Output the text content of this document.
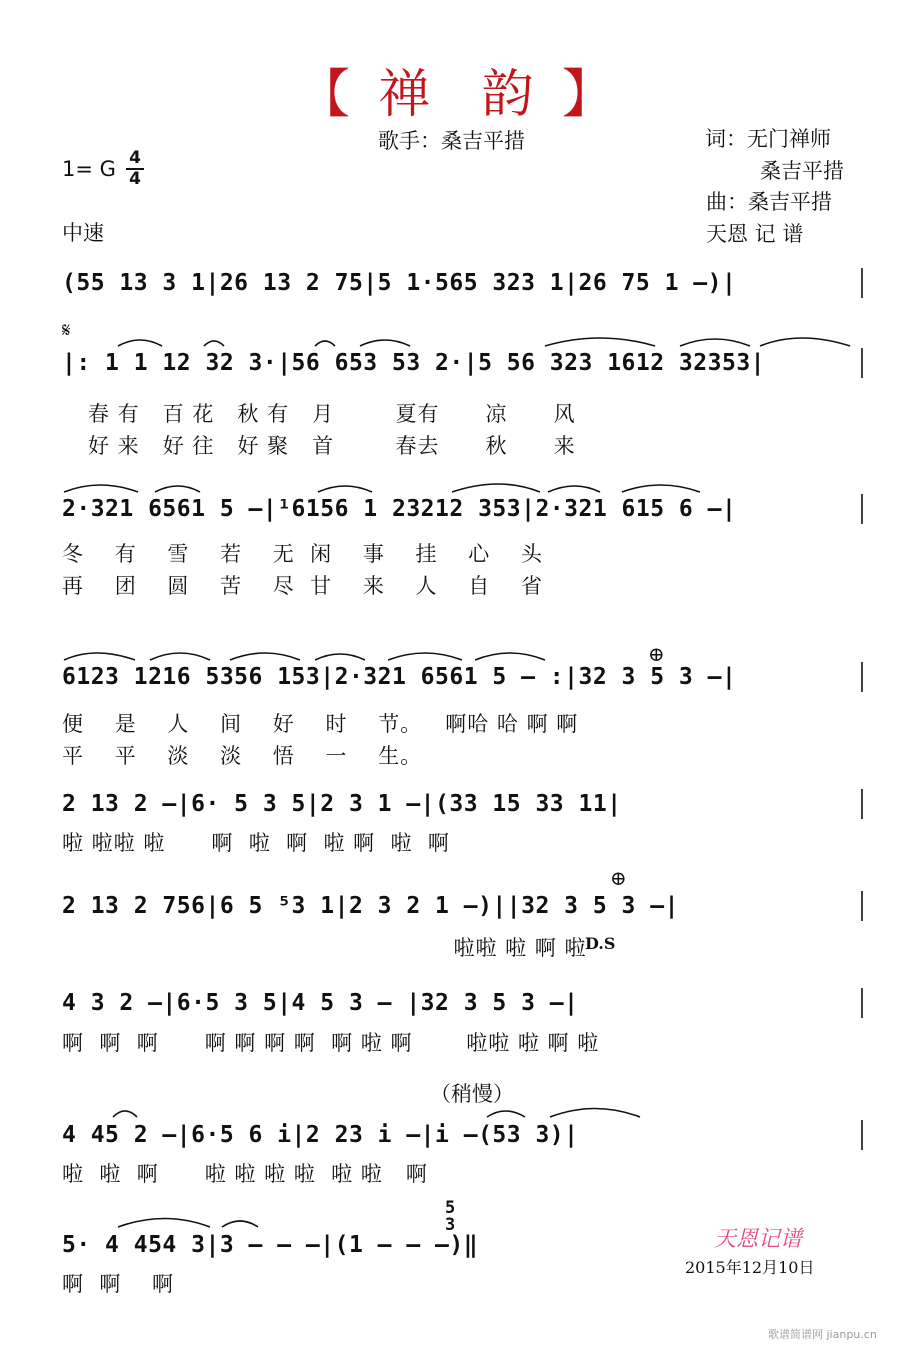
【 禅  韵 】
歌手：桑吉平措	词：无门禅师
桑吉平措
曲：桑吉平措
天恩 记 谱
1= G 4
4
中速
(55 13 3 1|26 13 2 75|5 1·565 323 1|26 75 1 –)|
𝄋
|: 1 1 12 32 3·|56 653 53 2·|5 56 323 1612 32353|
春 有   百 花   秋 有   月        夏有      凉      风
好 来   好 往   好 聚   首        春去      秋      来
2·321 6561 5 –|¹6156 1 23212 353|2·321 615 6 –|
冬    有    雪    若    无  闲    事    挂    心    头
再    团    圆    苦    尽  甘    来    人    自    省
⊕
6123 1216 5356 153|2·321 6561 5 – :|32 3 5 3 –|
便    是    人    间    好    时    节。   啊哈 哈 啊 啊
平    平    淡    淡    悟    一    生。
2 13 2 –|6· 5 3 5|2 3 1 –|(33 15 33 11|
啦 啦啦 啦      啊  啦  啊  啦 啊  啦  啊
⊕
2 13 2 756|6 5 ⁵3 1|2 3 2 1 –)||32 3 5 3 –|
D.S
啦啦 啦 啊 啦
4 3 2 –|6·5 3 5|4 5 3 – |32 3 5 3 –|
啊  啊  啊      啊 啊 啊 啊  啊 啦 啊       啦啦 啦 啊 啦
（稍慢）
4 45 2 –|6·5 6 i|2 23 i –|i –(53 3)|
啦  啦  啊      啦 啦 啦 啦  啦 啦   啊
5
3
5· 4 454 3|3 – – –|(1 – – –)‖
啊  啊    啊
天恩记谱
2015年12月10日
歌谱简谱网 jianpu.cn
